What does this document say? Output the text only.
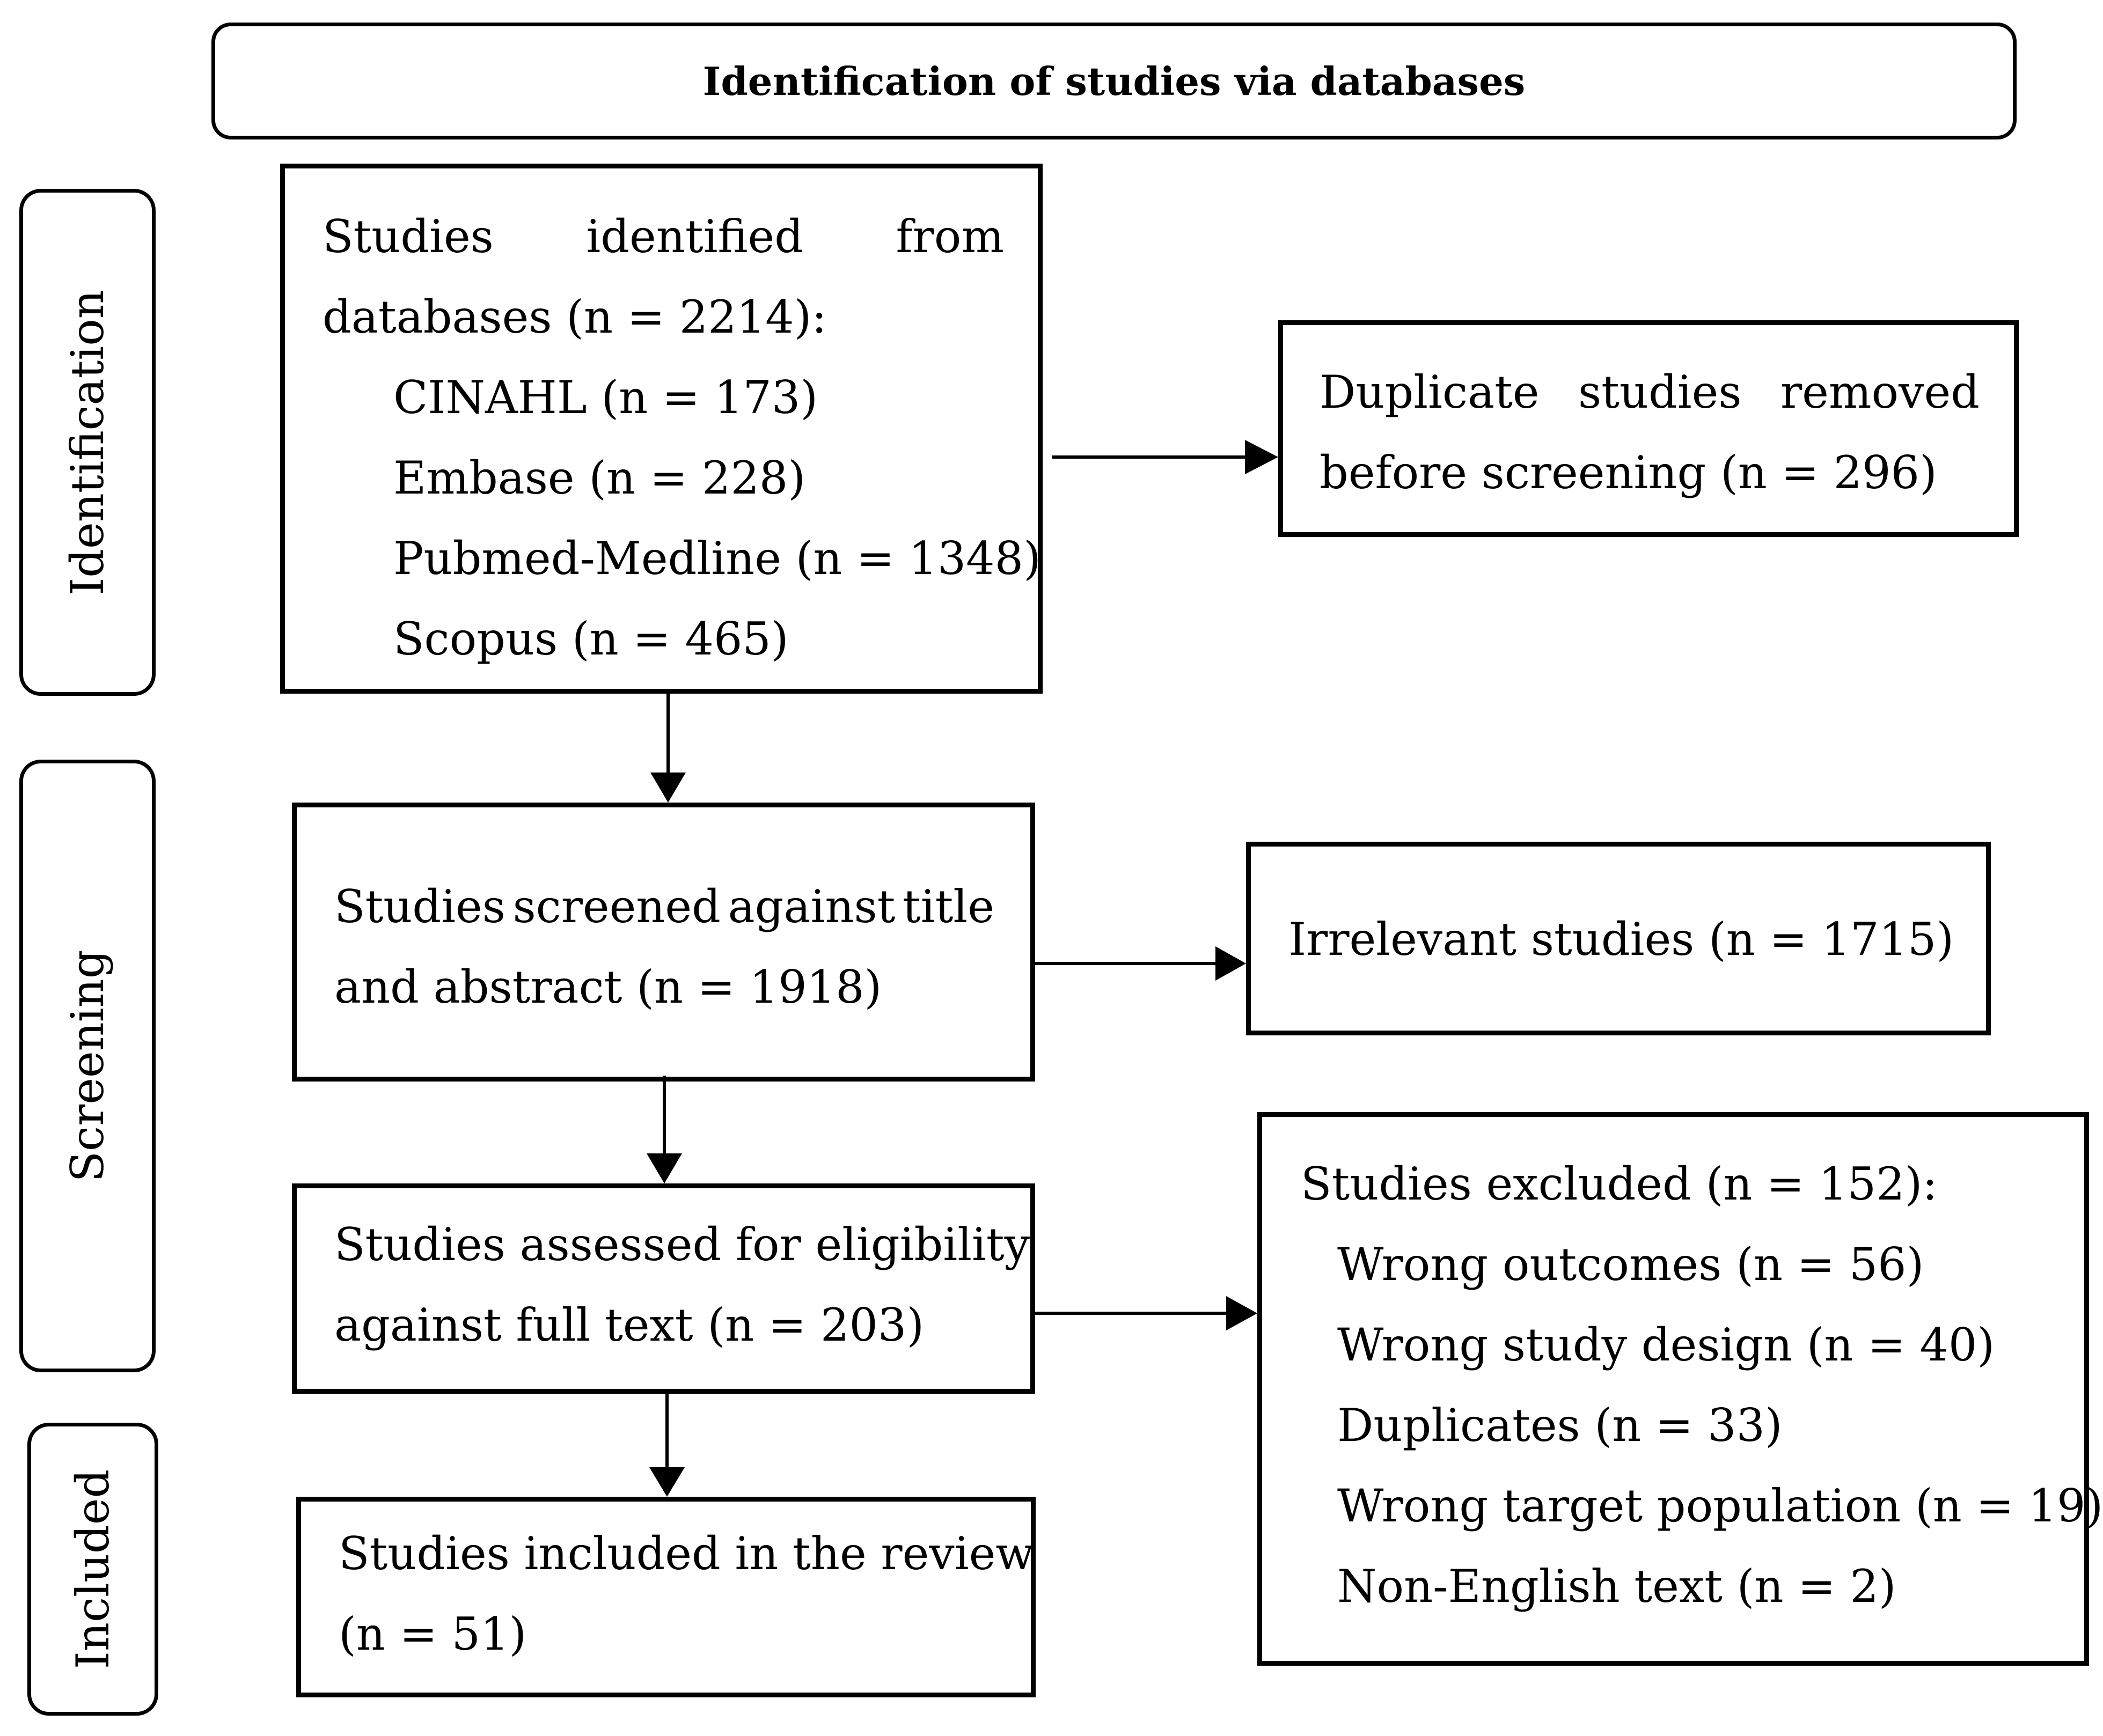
Identification of studies via databases
Identification
Screening
Included
Studies identified from
databases (n = 2214):
CINAHL (n = 173)
Embase (n = 228)
Pubmed-Medline (n = 1348)
Scopus (n = 465)
Duplicate studies removed
before screening (n = 296)
Studies screened against title
and abstract (n = 1918)
Irrelevant studies (n = 1715)
Studies assessed for eligibility
against full text (n = 203)
Studies excluded (n = 152):
Wrong outcomes (n = 56)
Wrong study design (n = 40)
Duplicates (n = 33)
Wrong target population (n = 19)
Non-English text (n = 2)
Studies included in the review
(n = 51)
